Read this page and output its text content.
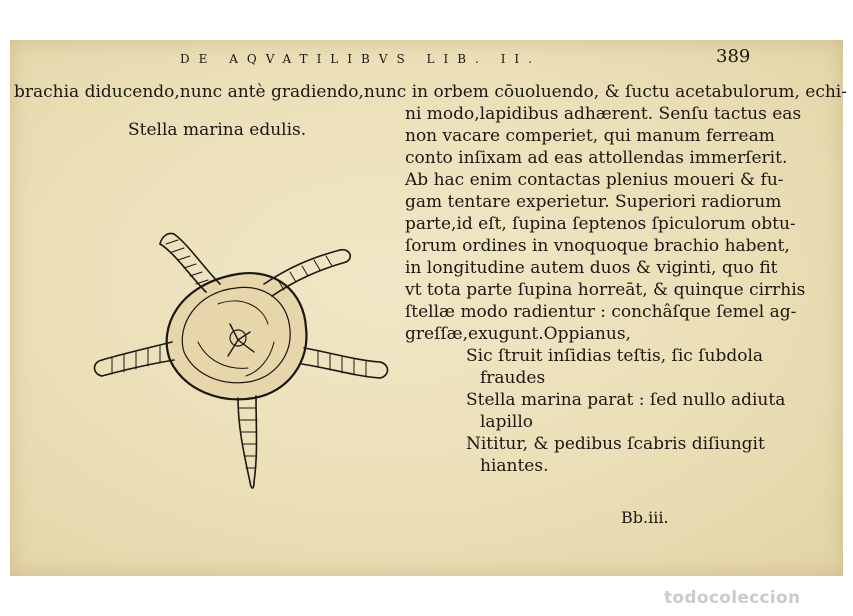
DE AQVATILIBVS LIB. II.	389
brachia diducendo,nunc antè gradiendo,nunc in orbem cōuoluendo, & ſuctu acetabulorum, echi-
ni modo,lapidibus adhærent. Senſu tactus eas
non vacare comperiet, qui manum ferream
conto inſixam ad eas attollendas immerſerit.
Ab hac enim contactas plenius moueri & fu-
gam tentare experietur. Superiori radiorum
parte,id eſt, ſupina ſeptenos ſpiculorum obtu-
ſorum ordines in vnoquoque brachio habent,
in longitudine autem duos & viginti, quo fit
vt tota parte ſupina horreāt, & quinque cirrhis
ſtellæ modo radientur : conchâſque ſemel ag-
greſſæ,exugunt.Oppianus,
Sic ſtruit inſidias teſtis, ſic ſubdola
fraudes
Stella marina parat : ſed nullo adiuta
lapillo
Nititur, & pedibus ſcabris diſiungit
hiantes.
Stella marina edulis.
Bb.iii.
todocoleccion
